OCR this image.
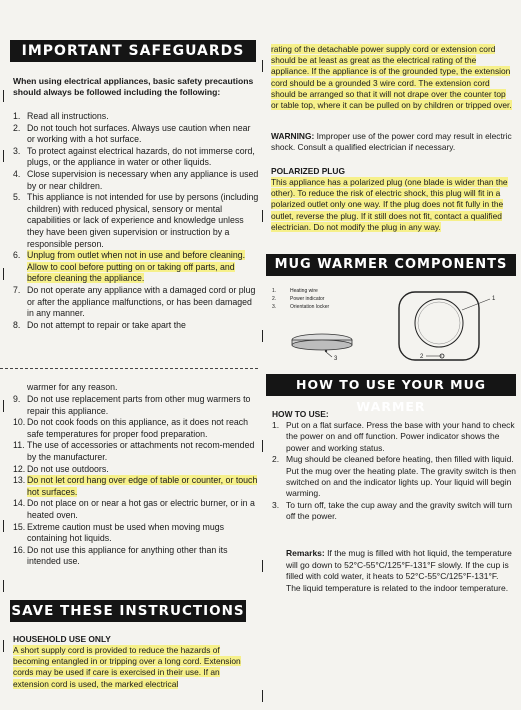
IMPORTANT SAFEGUARDS
When using electrical appliances, basic safety precautions should always be followed including the following:
1. Read all instructions.
2. Do not touch hot surfaces. Always use caution when near or working with a hot surface.
3. To protect against electrical hazards, do not immerse cord, plugs, or the appliance in water or other liquids.
4. Close supervision is necessary when any appliance is used by or near children.
5. This appliance is not intended for use by persons (including children) with reduced physical, sensory or mental capabilities or lack of experience and knowledge unless they have been given supervision or instruction by a responsible person.
6. Unplug from outlet when not in use and before cleaning. Allow to cool before putting on or taking off parts, and before cleaning the appliance.
7. Do not operate any appliance with a damaged cord or plug or after the appliance malfunctions, or has been damaged in any manner.
8. Do not attempt to repair or take apart the
warmer for any reason.
9. Do not use replacement parts from other mug warmers to repair this appliance.
10. Do not cook foods on this appliance, as it does not reach safe temperatures for proper food preparation.
11. The use of accessories or attachments not recom-mended by the manufacturer.
12. Do not use outdoors.
13. Do not let cord hang over edge of table or counter, or touch hot surfaces.
14. Do not place on or near a hot gas or electric burner, or in a heated oven.
15. Extreme caution must be used when moving mugs containing hot liquids.
16. Do not use this appliance for anything other than its intended use.
SAVE THESE INSTRUCTIONS
HOUSEHOLD USE ONLY
A short supply cord is provided to reduce the hazards of becoming entangled in or tripping over a long cord. Extension cords may be used if care is exercised in their use. If an extension cord is used, the marked electrical
rating of the detachable power supply cord or extension cord should be at least as great as the electrical rating of the appliance. If the appliance is of the grounded type, the extension cord should be a grounded 3 wire cord. The extension cord should be arranged so that it will not drape over the counter top or table top, where it can be pulled on by children or tripped over.
WARNING: Improper use of the power cord may result in electric shock. Consult a qualified electrician if necessary.
POLARIZED PLUG
This appliance has a polarized plug (one blade is wider than the other). To reduce the risk of electric shock, this plug will fit in a polarized outlet only one way. If the plug does not fit fully in the outlet, reverse the plug. If it still does not fit, contact a qualified electrician. Do not modify the plug in any way.
MUG WARMER COMPONENTS
1.	Heating wire
2.	Power indicator
3.	Orientation locker
1
2
3
HOW TO USE YOUR MUG WARMER
HOW TO USE:
1. Put on a flat surface. Press the base with your hand to check the power on and off function. Power indicator shows the power and working status.
2. Mug should be cleaned before heating, then filled with liquid. Put the mug over the heating plate. The gravity switch is then switched on and the indicator lights up. Your liquid will begin warming.
3. To turn off, take the cup away and the gravity switch will turn off the power.
Remarks: If the mug is filled with hot liquid, the temperature will go down to 52°C-55°C/125°F-131°F slowly. If the cup is filled with cold water, it heats to 52°C-55°C/125°F-131°F. The liquid temperature is related to the indoor temperature.
